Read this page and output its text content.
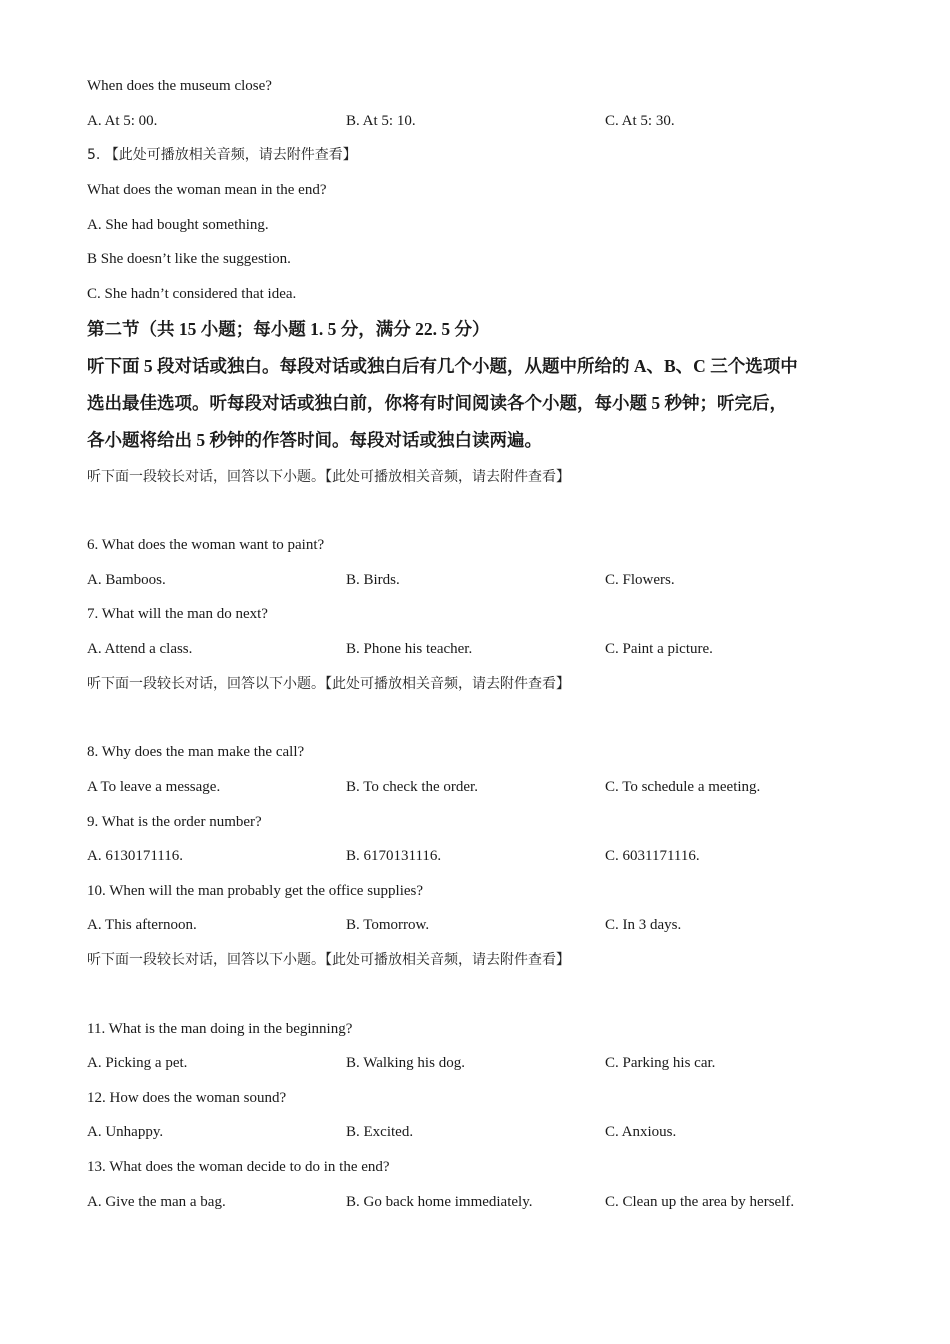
When does the museum close?
A. At 5: 00.	B. At 5: 10.	C. At 5: 30.
5. 【此处可播放相关音频，请去附件查看】
What does the woman mean in the end?
A. She had bought something.
B She doesn’t like the suggestion.
C. She hadn’t considered that idea.
第二节（共 15 小题；每小题 1. 5 分，满分 22. 5 分）
听下面 5 段对话或独白。每段对话或独白后有几个小题，从题中所给的 A、B、C 三个选项中
选出最佳选项。听每段对话或独白前，你将有时间阅读各个小题，每小题 5 秒钟；听完后，
各小题将给出 5 秒钟的作答时间。每段对话或独白读两遍。
听下面一段较长对话，回答以下小题。【此处可播放相关音频，请去附件查看】
6. What does the woman want to paint?
A. Bamboos.	B. Birds.	C. Flowers.
7. What will the man do next?
A. Attend a class.	B. Phone his teacher.	C. Paint a picture.
听下面一段较长对话，回答以下小题。【此处可播放相关音频，请去附件查看】
8. Why does the man make the call?
A To leave a message.	B. To check the order.	C. To schedule a meeting.
9. What is the order number?
A. 6130171116.	B. 6170131116.	C. 6031171116.
10. When will the man probably get the office supplies?
A. This afternoon.	B. Tomorrow.	C. In 3 days.
听下面一段较长对话，回答以下小题。【此处可播放相关音频，请去附件查看】
11. What is the man doing in the beginning?
A. Picking a pet.	B. Walking his dog.	C. Parking his car.
12. How does the woman sound?
A. Unhappy.	B. Excited.	C. Anxious.
13. What does the woman decide to do in the end?
A. Give the man a bag.	B. Go back home immediately.	C. Clean up the area by herself.
